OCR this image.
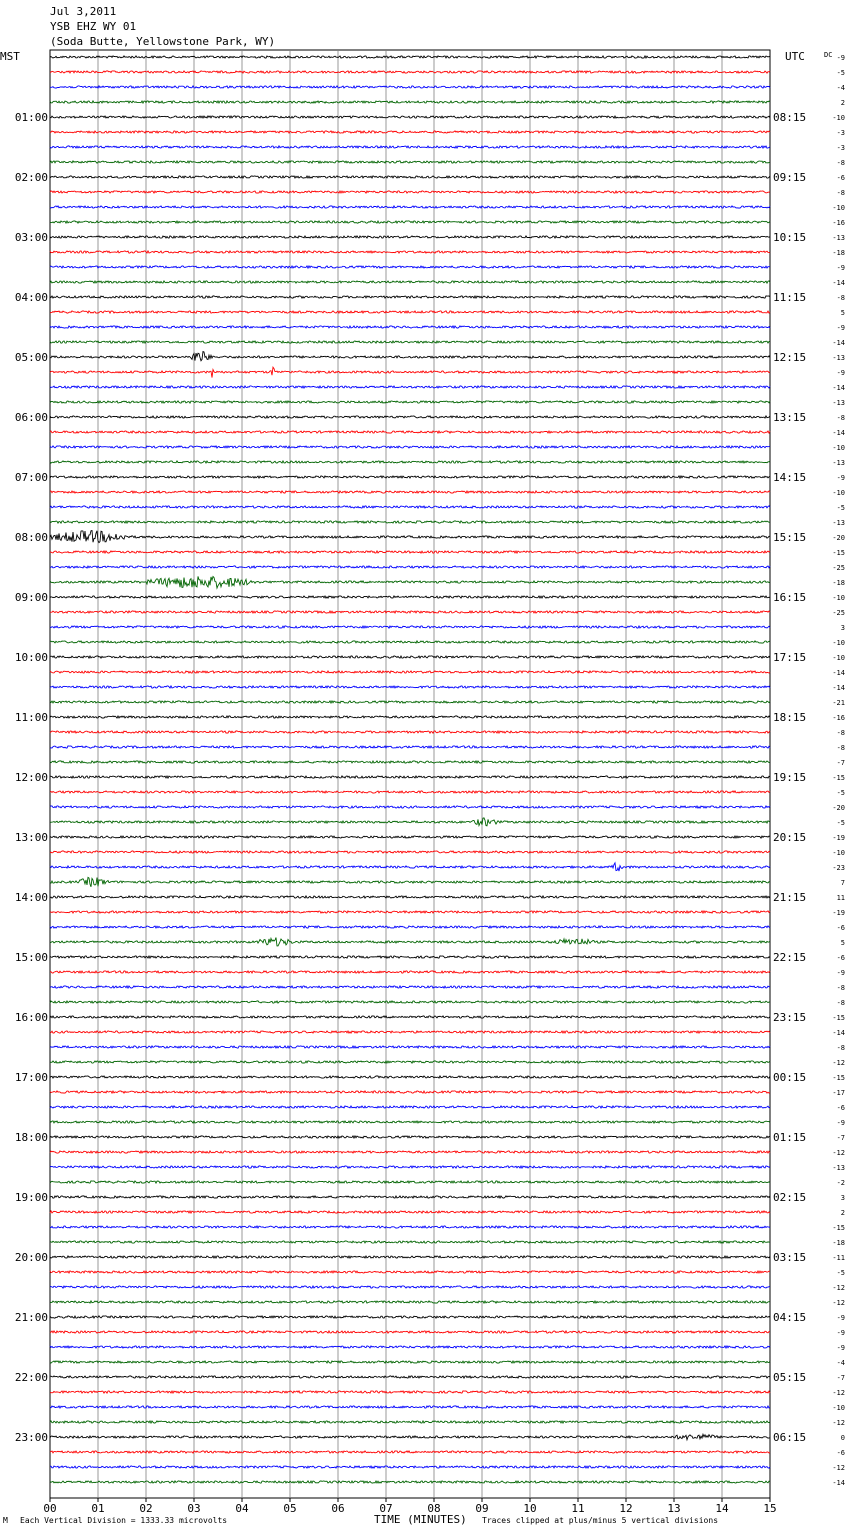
Jul 3,2011
YSB EHZ WY 01
(Soda Butte, Yellowstone Park, WY)
MST	UTC	-9
-5
-4
2
-10
-3
-3
-8
-6
-8
-10
-16
-13
-18
-9
-14
-8
5
-9
-14
-13
-9
-14
-13
-8
-14
-10
-13
-9
-10
-5
-13
-20
-15
-25
-18
-10
-25
3
-10
-10
-14
-14
-21
-16
-8
-8
-7
-15
-5
-20
-5
-19
-10
-23
7
11
-19
-6
5
-6
-9
-8
-8
-15
-14
-8
-12
-15
-17
-6
-9
-7
-12
-13
-2
3
2
-15
-18
-11
-5
-12
-12
-9
-9
-9
-4
-7
-12
-10
-12
0
-6
-12
-14
DC
01:00	08:15
02:00	09:15
03:00	10:15
04:00	11:15
05:00	12:15
06:00	13:15
07:00	14:15
08:00	15:15
09:00	16:15
10:00	17:15
11:00	18:15
12:00	19:15
13:00	20:15
14:00	21:15
15:00	22:15
16:00	23:15
17:00	00:15
18:00	01:15
19:00	02:15
20:00	03:15
21:00	04:15
22:00	05:15
23:00	06:15
00	01	02	03	04	05	06	07	08	09	10	11	12	13	14	15
M Each Vertical Division = 1333.33 microvolts	TIME (MINUTES) Traces clipped at plus/minus 5 vertical divisions
